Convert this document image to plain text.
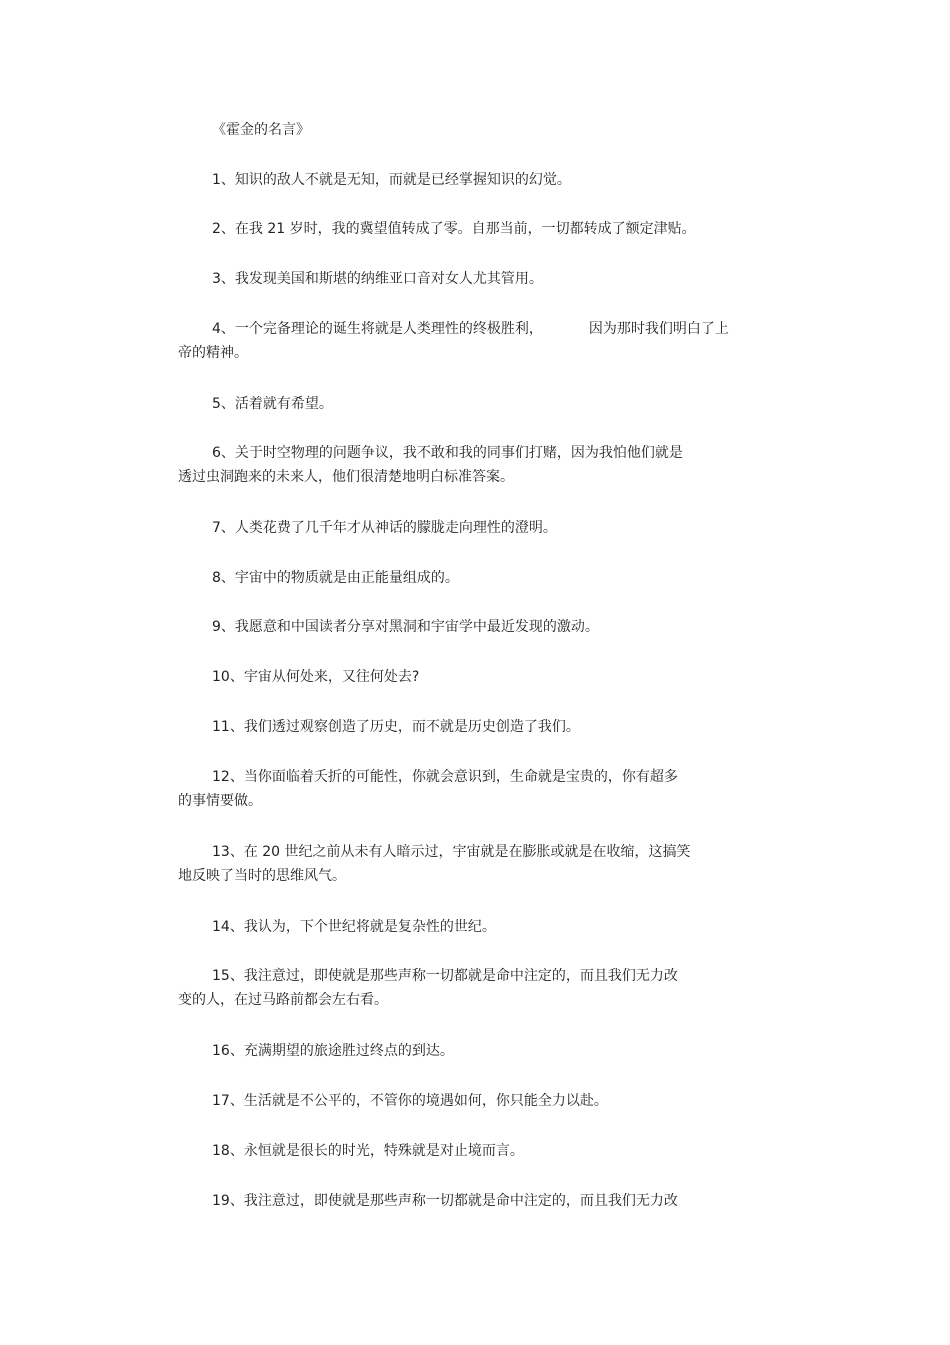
《霍金的名言》
1、知识的敌人不就是无知，而就是已经掌握知识的幻觉。
2、在我 21 岁时，我的冀望值转成了零。自那当前，一切都转成了额定津贴。
3、我发现美国和斯堪的纳维亚口音对女人尤其管用。
4、一个完备理论的诞生将就是人类理性的终极胜利，	因为那时我们明白了上
帝的精神。
5、活着就有希望。
6、关于时空物理的问题争议，我不敢和我的同事们打赌，因为我怕他们就是
透过虫洞跑来的未来人，他们很清楚地明白标准答案。
7、人类花费了几千年才从神话的朦胧走向理性的澄明。
8、宇宙中的物质就是由正能量组成的。
9、我愿意和中国读者分享对黑洞和宇宙学中最近发现的激动。
10、宇宙从何处来，又往何处去?
11、我们透过观察创造了历史，而不就是历史创造了我们。
12、当你面临着夭折的可能性，你就会意识到，生命就是宝贵的，你有超多
的事情要做。
13、在 20 世纪之前从未有人暗示过，宇宙就是在膨胀或就是在收缩，这搞笑
地反映了当时的思维风气。
14、我认为，下个世纪将就是复杂性的世纪。
15、我注意过，即使就是那些声称一切都就是命中注定的，而且我们无力改
变的人，在过马路前都会左右看。
16、充满期望的旅途胜过终点的到达。
17、生活就是不公平的，不管你的境遇如何，你只能全力以赴。
18、永恒就是很长的时光，特殊就是对止境而言。
19、我注意过，即使就是那些声称一切都就是命中注定的，而且我们无力改
